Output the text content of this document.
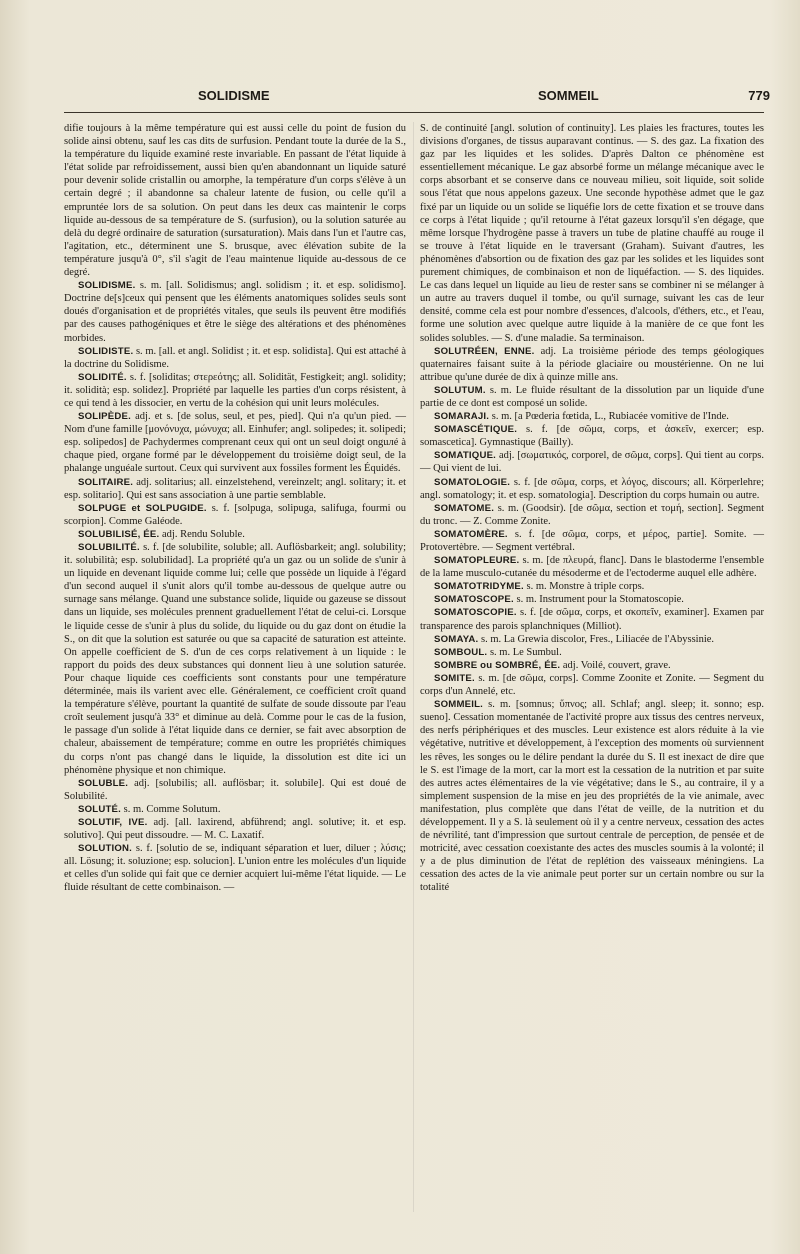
SOLIDISME	SOMMEIL	779

difie toujours à la même température qui est aussi celle du point de fusion du solide ainsi obtenu, sauf les cas dits de surfusion. Pendant toute la durée de la S., la température du liquide examiné reste invariable. En passant de l'état liquide à l'état solide par refroidissement, aussi bien qu'en abandonnant un liquide saturé pour devenir solide cristallin ou amorphe, la température d'un corps s'élève à un certain degré ; il abandonne sa chaleur latente de fusion, ou celle qu'il a empruntée lors de sa solution. On peut dans les deux cas maintenir le corps liquide au-dessous de sa température de S. (surfusion), ou la solution saturée au delà du degré ordinaire de saturation (sursaturation). Mais dans l'un et l'autre cas, l'agitation, etc., déterminent une S. brusque, avec élévation subite de la température jusqu'à 0°, s'il s'agit de l'eau maintenue liquide au-dessous de ce degré.

SOLIDISME. s. m. [all. Solidismus; angl. solidism ; it. et esp. solidismo]. Doctrine de[s]ceux qui pensent que les éléments anatomiques solides seuls sont doués d'organisation et de propriétés vitales, que seuls ils peuvent être modifiés par des causes pathogéniques et être le siège des altérations et des phénomènes morbides.

SOLIDISTE. s. m. [all. et angl. Solidist ; it. et esp. solidista]. Qui est attaché à la doctrine du Solidisme.

SOLIDITÉ. s. f. [soliditas; στερεότης; all. Solidität, Festigkeit; angl. solidity; it. solidità; esp. solidez]. Propriété par laquelle les parties d'un corps résistent, à ce qui tend à les dissocier, en vertu de la cohésion qui unit leurs molécules.

SOLIPÈDE. adj. et s. [de solus, seul, et pes, pied]. Qui n'a qu'un pied. — Nom d'une famille [μονόνυχα, μώνυχα; all. Einhufer; angl. solipedes; it. solipedi; esp. solipedos] de Pachydermes comprenant ceux qui ont un seul doigt onguлé à chaque pied, organe formé par le développement du troisième doigt seul, de la phalange unguéale surtout. Ceux qui survivent aux fossiles forment les Équidés.

SOLITAIRE. adj. solitarius; all. einzelstehend, vereinzelt; angl. solitary; it. et esp. solitario]. Qui est sans association à une partie semblable.

SOLPUGE et SOLPUGIDE. s. f. [solpuga, solipuga, salifuga, fourmi ou scorpion]. Comme Galéode.

SOLUBILISÉ, ÉE. adj. Rendu Soluble.

SOLUBILITÉ. s. f. [de solubilite, soluble; all. Auflösbarkeit; angl. solubility; it. solubilità; esp. solubilidad]. La propriété qu'a un gaz ou un solide de s'unir à un liquide en devenant liquide comme lui; celle que possède un liquide à l'égard d'un second auquel il s'unit alors qu'il tombe au-dessous de quelque autre ou surnage sans mélange. Quand une substance solide, liquide ou gazeuse se dissout dans un liquide, ses molécules prennent graduellement l'état de celui-ci. Lorsque le liquide cesse de s'unir à plus du solide, du liquide ou du gaz dont on étudie la S., on dit que la solution est saturée ou que sa capacité de saturation est atteinte. On appelle coefficient de S. d'un de ces corps relativement à un liquide : le rapport du poids des deux substances qui donnent lieu à une solution saturée. Pour chaque liquide ces coefficients sont constants pour une température déterminée, mais ils varient avec elle. Généralement, ce coefficient croît quand la température s'élève, pourtant la quantité de sulfate de soude dissoute par l'eau croît seulement jusqu'à 33° et diminue au delà. Comme pour le cas de la fusion, le passage d'un solide à l'état liquide dans ce dernier, se fait avec absorption de chaleur, abaissement de température; comme en outre les propriétés chimiques du corps n'ont pas changé dans le liquide, la dissolution est dite ici un phénomène physique et non chimique.

SOLUBLE. adj. [solubilis; all. auflösbar; it. solubile]. Qui est doué de Solubilité.

SOLUTÉ. s. m. Comme Solutum.

SOLUTIF, IVE. adj. [all. laxirend, abführend; angl. solutive; it. et esp. solutivo]. Qui peut dissoudre. — M. C. Laxatif.

SOLUTION. s. f. [solutio de se, indiquant séparation et luer, diluer ; λύσις; all. Lösung; it. soluzione; esp. solucion]. L'union entre les molécules d'un liquide et celles d'un solide qui fait que ce dernier acquiert lui-même l'état liquide. — Le fluide résultant de cette combinaison. —

S. de continuité [angl. solution of continuity]. Les plaies les fractures, toutes les divisions d'organes, de tissus auparavant continus. — S. des gaz. La fixation des gaz par les liquides et les solides. D'après Dalton ce phénomène est essentiellement mécanique. Le gaz absorbé forme un mélange mécanique avec le corps absorbant et se conserve dans ce nouveau milieu, soit liquide, soit solide sous l'état que nous appelons gazeux. Une seconde hypothèse admet que le gaz fixé par un liquide ou un solide se liquéfie lors de cette fixation et se trouve dans ce corps à l'état liquide ; qu'il retourne à l'état gazeux lorsqu'il s'en dégage, que même lorsque l'hydrogène passe à travers un tube de platine chauffé au rouge il se trouve à l'état liquide en le traversant (Graham). Suivant d'autres, les phénomènes d'absortion ou de fixation des gaz par les solides et les liquides sont purement chimiques, de combinaison et non de liquéfaction. — S. des liquides. Le cas dans lequel un liquide au lieu de rester sans se combiner ni se mélanger à un autre au travers duquel il tombe, ou qu'il surnage, suivant les cas de leur densité, comme cela est pour nombre d'essences, d'alcools, d'éthers, etc., et l'eau, forme une solution avec quelque autre liquide à la manière de ce que font les solides solubles. — S. d'une maladie. Sa terminaison.

SOLUTRÉEN, ENNE. adj. La troisième période des temps géologiques quaternaires faisant suite à la période glaciaire ou moustérienne. On ne lui attribue qu'une durée de dix à quinze mille ans.

SOLUTUM. s. m. Le fluide résultant de la dissolution par un liquide d'une partie de ce dont est composé un solide.

SOMARAJI. s. m. [a Pœderia fœtida, L., Rubiacée vomitive de l'Inde.

SOMASCÉTIQUE. s. f. [de σῶμα, corps, et ἀσκεῖν, exercer; esp. somascetica]. Gymnastique (Bailly).

SOMATIQUE. adj. [σωματικός, corporel, de σῶμα, corps]. Qui tient au corps. — Qui vient de lui.

SOMATOLOGIE. s. f. [de σῶμα, corps, et λόγος, discours; all. Körperlehre; angl. somatology; it. et esp. somatologia]. Description du corps humain ou autre.

SOMATOME. s. m. (Goodsir). [de σῶμα, section et τομή, section]. Segment du tronc. — Z. Comme Zonite.

SOMATOMÈRE. s. f. [de σῶμα, corps, et μέρος, partie]. Somite. — Protovertèbre. — Segment vertébral.

SOMATOPLEURE. s. m. [de πλευρά, flanc]. Dans le blastoderme l'ensemble de la lame musculo-cutanée du mésoderme et de l'ectoderme auquel elle adhère.

SOMATOTRIDYME. s. m. Monstre à triple corps.

SOMATOSCOPE. s. m. Instrument pour la Stomatoscopie.

SOMATOSCOPIE. s. f. [de σῶμα, corps, et σκοπεῖν, examiner]. Examen par transparence des parois splanchniques (Milliot).

SOMAYA. s. m. La Grewia discolor, Fres., Liliacée de l'Abyssinie.

SOMBOUL. s. m. Le Sumbul.

SOMBRE ou SOMBRÉ, ÉE. adj. Voilé, couvert, grave.

SOMITE. s. m. [de σῶμα, corps]. Comme Zoonite et Zonite. — Segment du corps d'un Annelé, etc.

SOMMEIL. s. m. [somnus; ὕπνος; all. Schlaf; angl. sleep; it. sonno; esp. sueno]. Cessation momentanée de l'activité propre aux tissus des centres nerveux, des nerfs périphériques et des muscles. Leur existence est alors réduite à la vie végétative, nutritive et développement, à l'exception des moments où surviennent les rêves, les songes ou le délire pendant la durée du S. Il est inexact de dire que le S. est l'image de la mort, car la mort est la cessation de la nutrition et par suite des autres actes élémentaires de la vie végétative; dans le S., au contraire, il y a simplement suspension de la mise en jeu des propriétés de la vie animale, avec manifestation, plus complète que dans l'état de veille, de la nutrition et du développement. Il y a S. là seulement où il y a centre nerveux, cessation des actes de névrilité, tant d'impression que surtout centrale de perception, de pensée et de motricité, avec cessation coexistante des actes des muscles soumis à la volonté; il y a de plus diminution de l'état de replétion des vaisseaux méningiens. La cessation des actes de la vie animale peut porter sur un certain nombre ou sur la totalité
